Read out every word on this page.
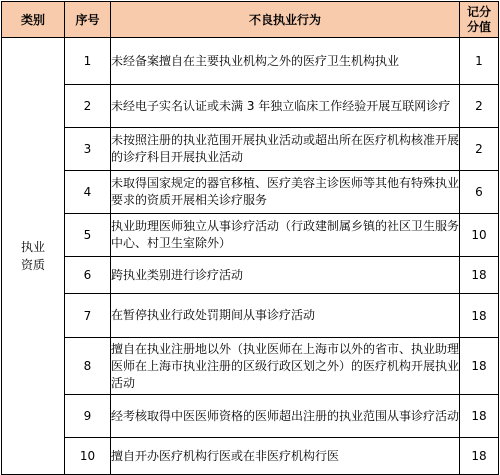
类别	序号	不良执业行为	记分分值
执业资质	1	未经备案擅自在主要执业机构之外的医疗卫生机构执业	1
	2	未经电子实名认证或未满 3 年独立临床工作经验开展互联网诊疗	2
	3	未按照注册的执业范围开展执业活动或超出所在医疗机构核准开展的诊疗科目开展执业活动	2
	4	未取得国家规定的器官移植、医疗美容主诊医师等其他有特殊执业要求的资质开展相关诊疗服务	6
	5	执业助理医师独立从事诊疗活动（行政建制属乡镇的社区卫生服务中心、村卫生室除外）	10
	6	跨执业类别进行诊疗活动	18
	7	在暂停执业行政处罚期间从事诊疗活动	18
	8	擅自在执业注册地以外（执业医师在上海市以外的省市、执业助理医师在上海市执业注册的区级行政区划之外）的医疗机构开展执业活动	18
	9	经考核取得中医医师资格的医师超出注册的执业范围从事诊疗活动	18
	10	擅自开办医疗机构行医或在非医疗机构行医	18
